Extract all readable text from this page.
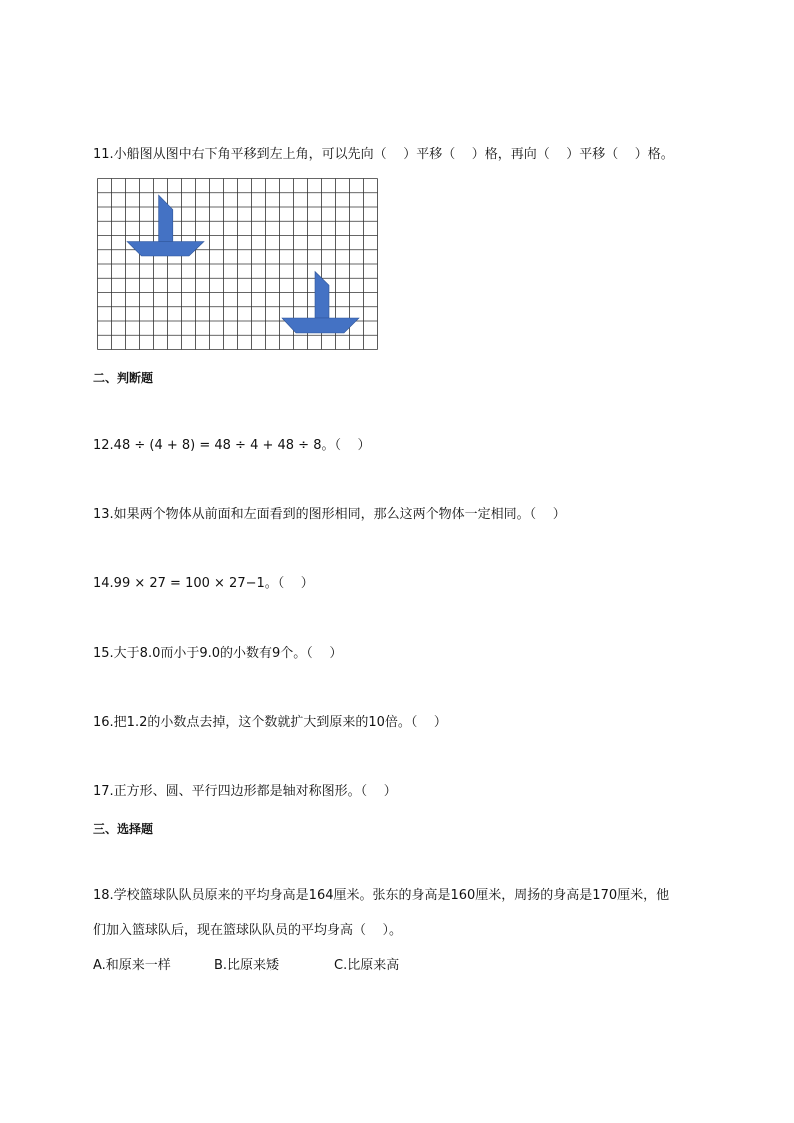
11.小船图从图中右下角平移到左上角，可以先向（    ）平移（    ）格，再向（    ）平移（    ）格。
二、判断题
12.48 ÷ (4 + 8) = 48 ÷ 4 + 48 ÷ 8。（    ）
13.如果两个物体从前面和左面看到的图形相同，那么这两个物体一定相同。（    ）
14.99 × 27 = 100 × 27−1。（    ）
15.大于8.0而小于9.0的小数有9个。（    ）
16.把1.2的小数点去掉，这个数就扩大到原来的10倍。（    ）
17.正方形、圆、平行四边形都是轴对称图形。（    ）
三、选择题
18.学校篮球队队员原来的平均身高是164厘米。张东的身高是160厘米，周扬的身高是170厘米，他
们加入篮球队后，现在篮球队队员的平均身高（    ）。
A.和原来一样	B.比原来矮	C.比原来高
